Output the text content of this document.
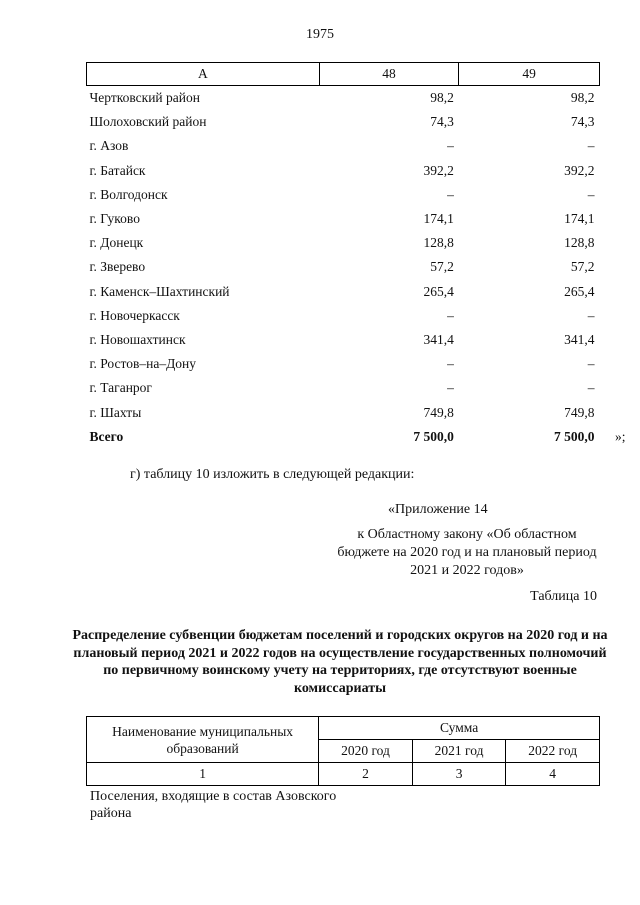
1975
А	48	49
Чертковский район	98,2	98,2
Шолоховский район	74,3	74,3
г. Азов	–	–
г. Батайск	392,2	392,2
г. Волгодонск	–	–
г. Гуково	174,1	174,1
г. Донецк	128,8	128,8
г. Зверево	57,2	57,2
г. Каменск–Шахтинский	265,4	265,4
г. Новочеркасск	–	–
г. Новошахтинск	341,4	341,4
г. Ростов–на–Дону	–	–
г. Таганрог	–	–
г. Шахты	749,8	749,8
Всего	7 500,0	7 500,0 »;
г) таблицу 10 изложить в следующей редакции:
«Приложение 14
к Областному закону «Об областном бюджете на 2020 год и на плановый период 2021 и 2022 годов»
Таблица 10
Распределение субвенции бюджетам поселений и городских округов на 2020 год и на плановый период 2021 и 2022 годов на осуществление государственных полномочий по первичному воинскому учету на территориях, где отсутствуют военные комиссариаты
Наименование муниципальных образований	Сумма		
	2020 год	2021 год	2022 год
1	2	3	4
Поселения, входящие в состав Азовского района
